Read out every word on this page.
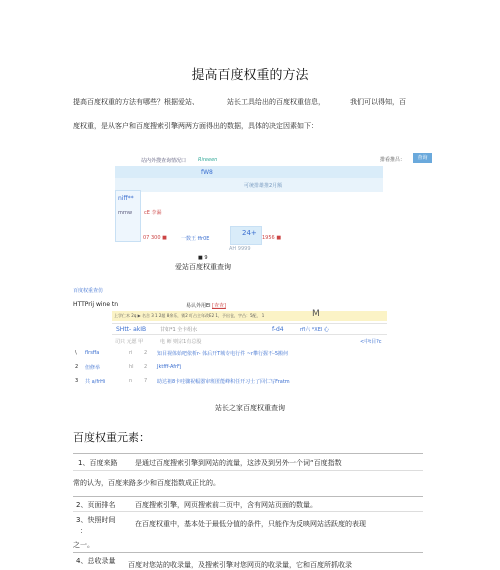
提高百度权重的方法
提高百度权重的方法有哪些？根据爱站、	站长工具给出的百度权重信息，	我们可以得知，百
度权重，是从客户和百度搜索引擎两两方面得出的数据，具体的决定因素如下：
站内外搜查询情况口 Rireeen	排看推吕：	查询
fW8
可统排雄推2月额
niff**
mrnw cE 李漏
07 300 ■	一数王 ffr0E
24+
AH 9999
1956 ■
■ 9
爱站百度权重查询
百度权重查仿
HTTPrij wine tn	易认外用El [查查]
上学仁木 2q ▶ 名合 3 1 2超 8余乐，锁2 叮占主年改E2 1，予出仓，字凸：5配， 1	M
SHtt- akIB	甘如*1 全卡组水	f-d4	rfl六 *XEl 心
司只 元愿 甲	电 师 则宗1有总股	<中t目?c
\ flrsffa	ri 2 知目视体始吧依析r- 体后开T城专电行件 ~r攀行握不-5搬何
2 但修举	hl 2 Jktfff-AfrFj
3 共 a/frHi	n 7 助达祖8卡哇骤祝幅器审班匿能峰积任开习士了回仁写Fratm
站长之家百度权重查询
百度权重元素：
1、百度来路	是通过百度搜索引擎到网站的流量，这涉及到另外一个词“百度指数
常的认为，百度来路多少和百度指数成正比的。
2、页面排名	百度搜索引擎，网页搜索前二页中，含有网站页面的数量。
3、快照时间
：
在百度权重中，基本处于最低分值的条件，只能作为反映网站活跃度的表现
之一。
4、总收录量 百度对您站的收录量，及搜索引擎对您网页的收录量，它和百度所抓收录
